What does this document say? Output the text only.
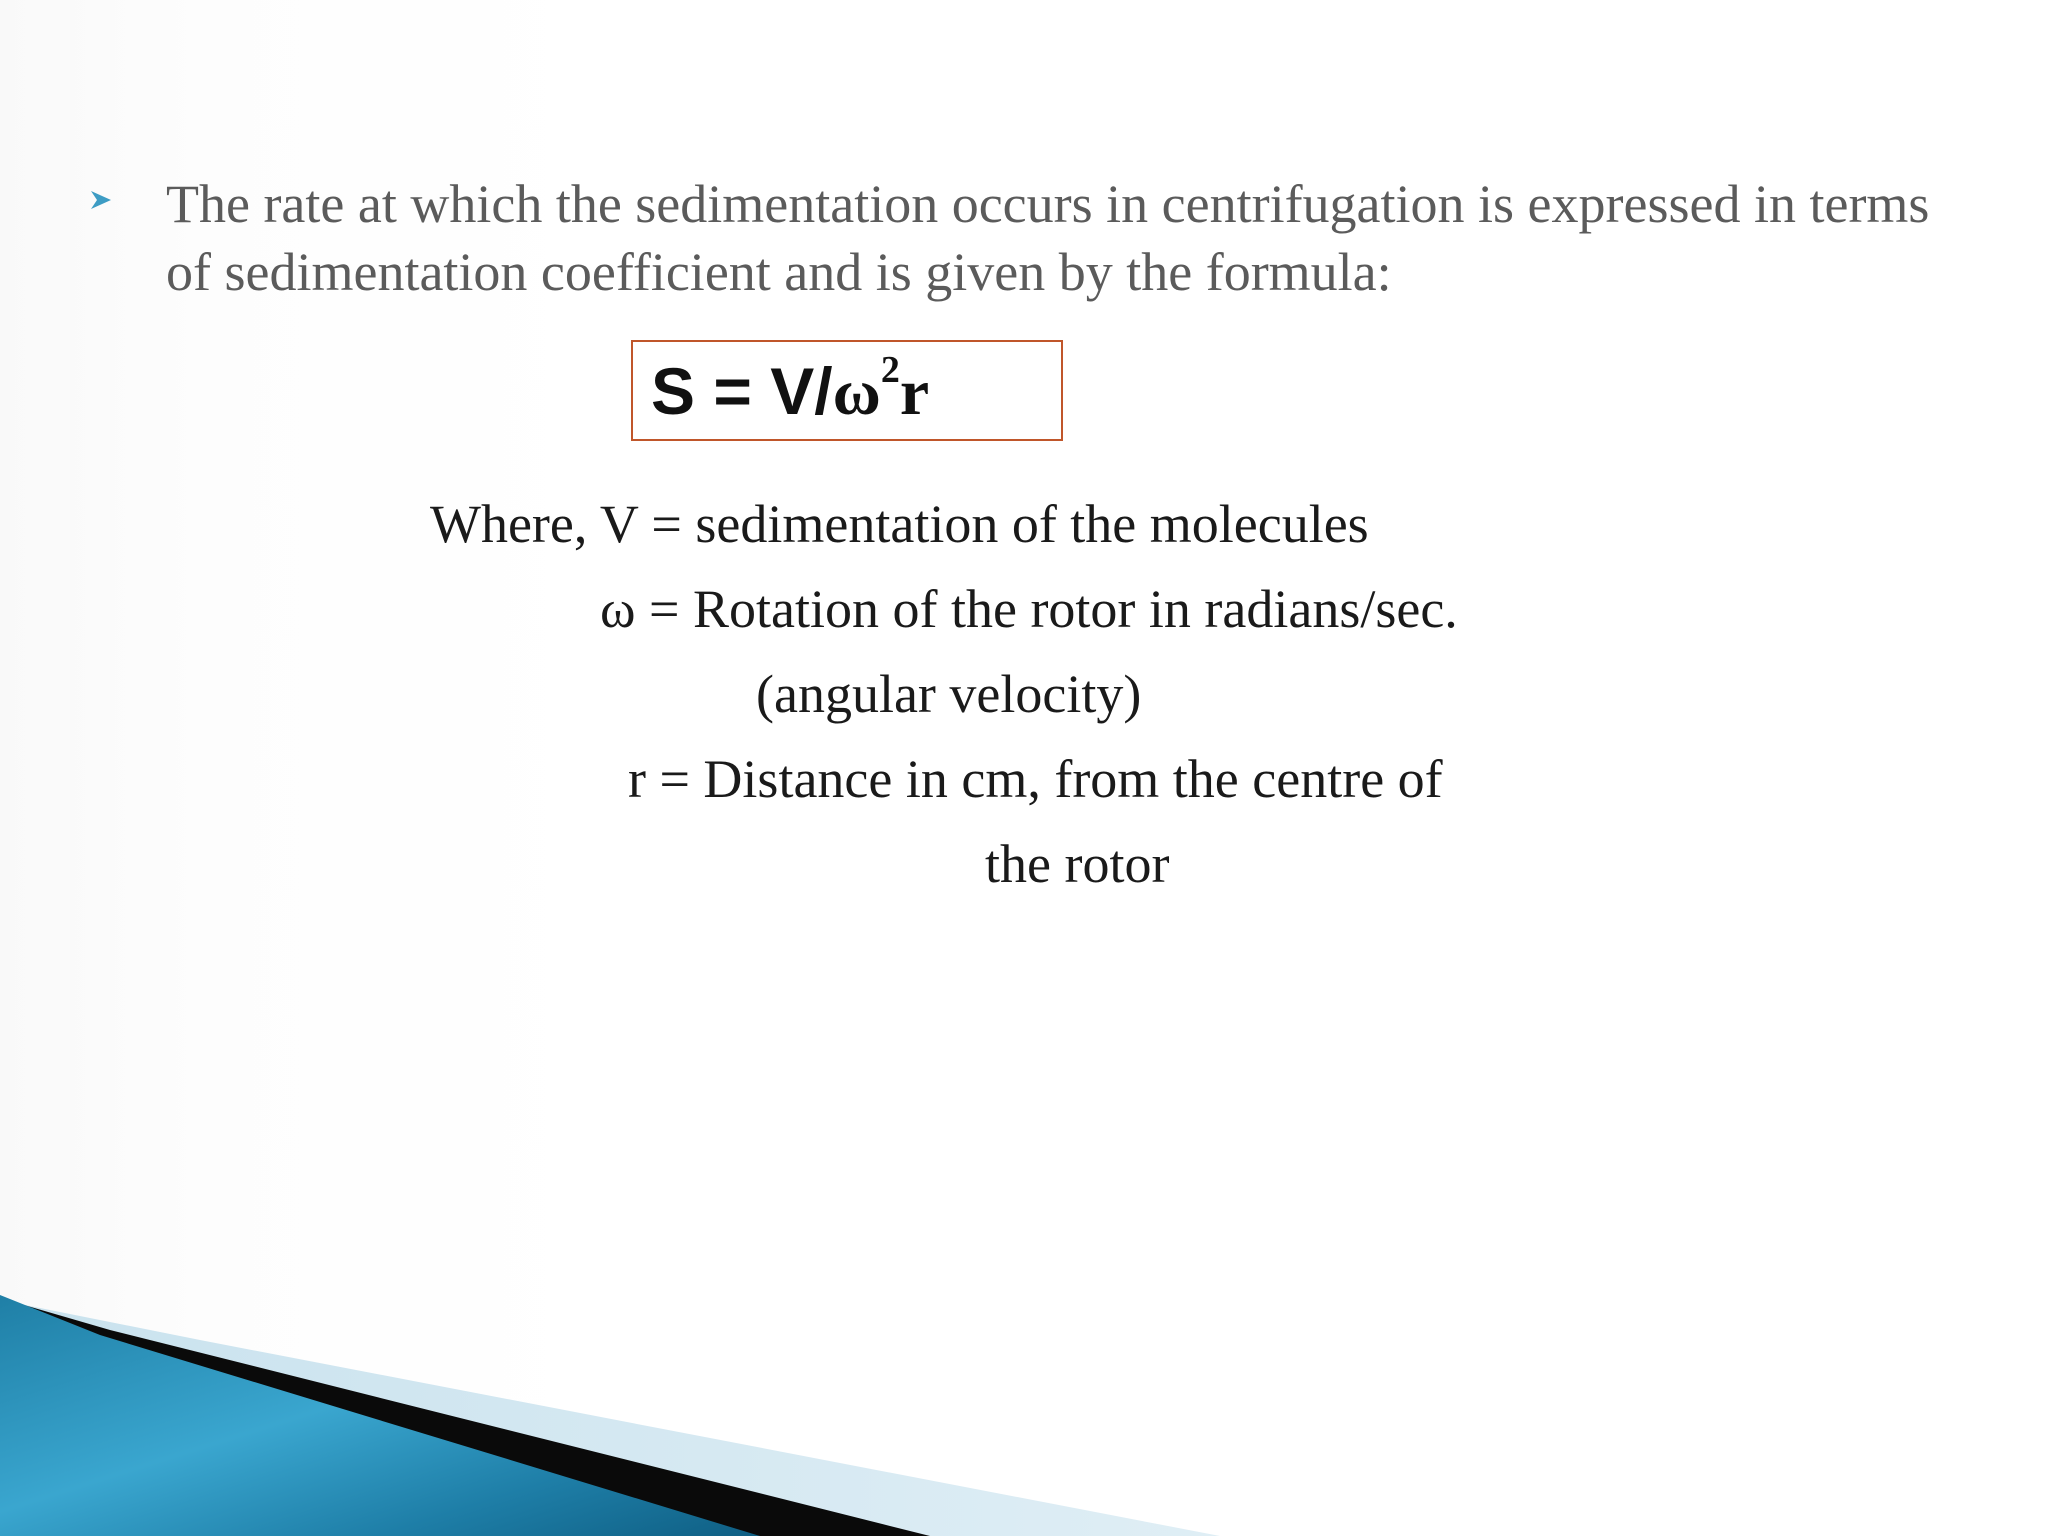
The rate at which the sedimentation occurs in centrifugation is expressed in terms of sedimentation coefficient and is given by the formula:
$S = V/\omega^2r$
Where, V = sedimentation of the molecules
ω = Rotation of the rotor in radians/sec.
(angular velocity)
r = Distance in cm, from the centre of
the rotor
